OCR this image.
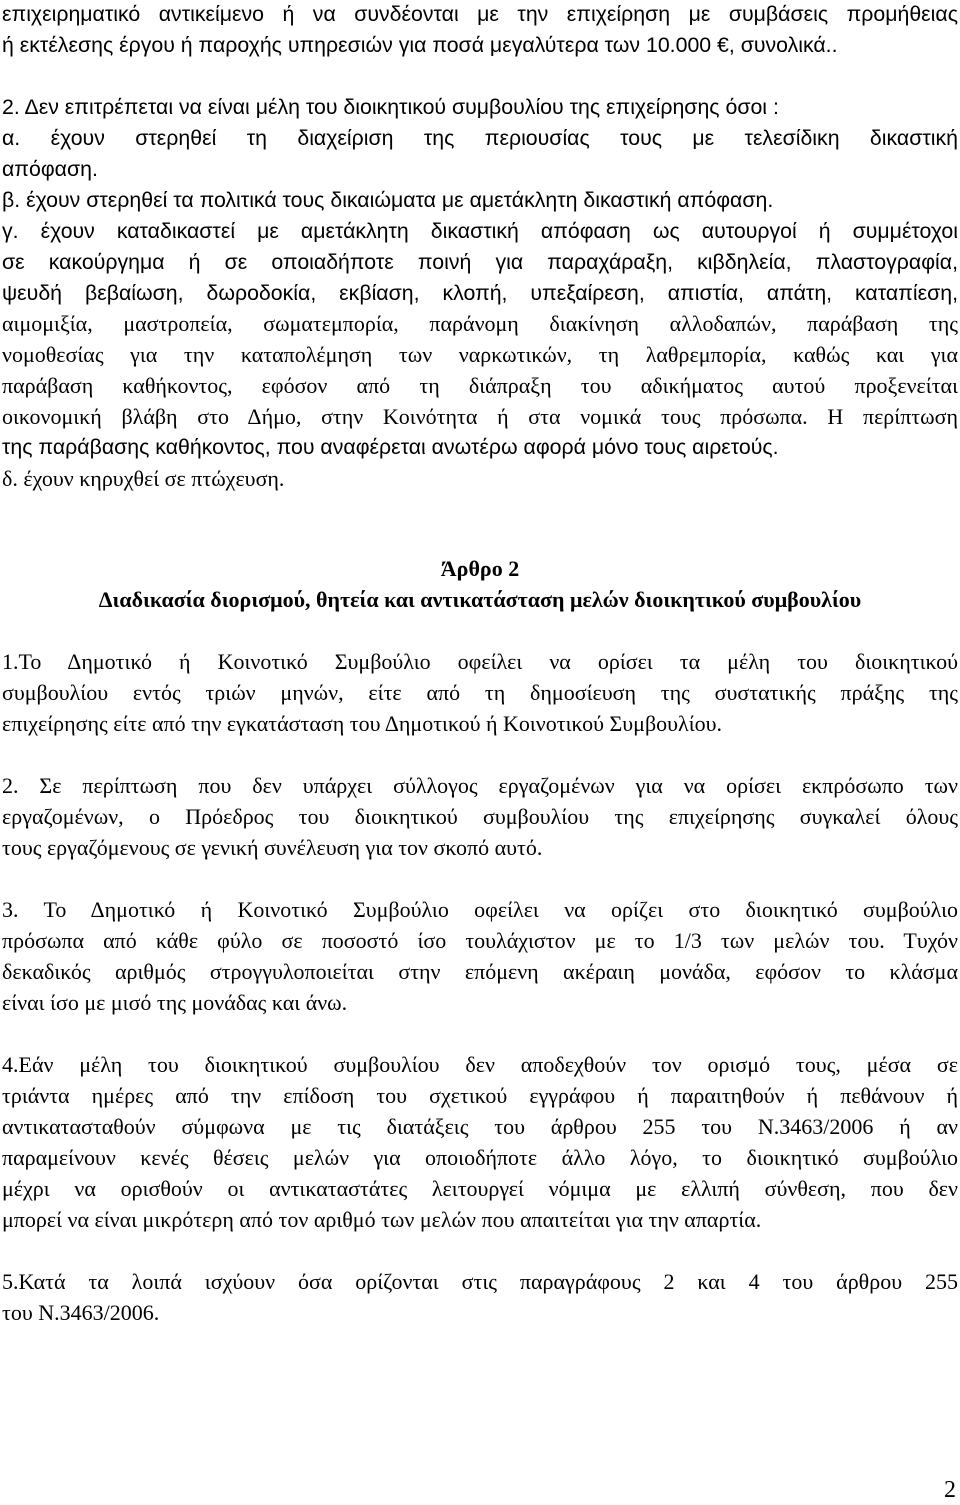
επιχειρηματικό αντικείμενο ή να συνδέονται με την επιχείρηση με συμβάσεις προμήθειας
ή εκτέλεσης έργου ή παροχής υπηρεσιών για ποσά μεγαλύτερα των 10.000 €, συνολικά..
2. Δεν επιτρέπεται να είναι μέλη του διοικητικού συμβουλίου της επιχείρησης όσοι :
α. έχουν στερηθεί τη διαχείριση της περιουσίας τους με τελεσίδικη δικαστική
απόφαση.
β. έχουν στερηθεί τα πολιτικά τους δικαιώματα με αμετάκλητη δικαστική απόφαση.
γ. έχουν καταδικαστεί με αμετάκλητη δικαστική απόφαση ως αυτουργοί ή συμμέτοχοι
σε κακούργημα ή σε οποιαδήποτε ποινή για παραχάραξη, κιβδηλεία, πλαστογραφία,
ψευδή βεβαίωση, δωροδοκία, εκβίαση, κλοπή, υπεξαίρεση, απιστία, απάτη, καταπίεση,
αιμομιξία, μαστροπεία, σωματεμπορία, παράνομη διακίνηση αλλοδαπών, παράβαση της
νομοθεσίας για την καταπολέμηση των ναρκωτικών, τη λαθρεμπορία, καθώς και για
παράβαση καθήκοντος, εφόσον από τη διάπραξη του αδικήματος αυτού προξενείται
οικονομική βλάβη στο Δήμο, στην Κοινότητα ή στα νομικά τους πρόσωπα. Η περίπτωση
της παράβασης καθήκοντος, που αναφέρεται ανωτέρω αφορά μόνο τους αιρετούς.
δ. έχουν κηρυχθεί σε πτώχευση.
Άρθρο 2
Διαδικασία διορισμού, θητεία και αντικατάσταση μελών διοικητικού συμβουλίου
1.Το Δημοτικό ή Κοινοτικό Συμβούλιο οφείλει να ορίσει τα μέλη του διοικητικού
συμβουλίου εντός τριών μηνών, είτε από τη δημοσίευση της συστατικής πράξης της
επιχείρησης είτε από την εγκατάσταση του Δημοτικού ή Κοινοτικού Συμβουλίου.
2. Σε περίπτωση που δεν υπάρχει σύλλογος εργαζομένων για να ορίσει εκπρόσωπο των
εργαζομένων, ο Πρόεδρος του διοικητικού συμβουλίου της επιχείρησης συγκαλεί όλους
τους εργαζόμενους σε γενική συνέλευση για τον σκοπό αυτό.
3. Το Δημοτικό ή Κοινοτικό Συμβούλιο οφείλει να ορίζει στο διοικητικό συμβούλιο
πρόσωπα από κάθε φύλο σε ποσοστό ίσο τουλάχιστον με το 1/3 των μελών του. Τυχόν
δεκαδικός αριθμός στρογγυλοποιείται στην επόμενη ακέραιη μονάδα, εφόσον το κλάσμα
είναι ίσο με μισό της μονάδας και άνω.
4.Εάν μέλη του διοικητικού συμβουλίου δεν αποδεχθούν τον ορισμό τους, μέσα σε
τριάντα ημέρες από την επίδοση του σχετικού εγγράφου ή παραιτηθούν ή πεθάνουν ή
αντικατασταθούν σύμφωνα με τις διατάξεις του άρθρου 255 του Ν.3463/2006 ή αν
παραμείνουν κενές θέσεις μελών για οποιοδήποτε άλλο λόγο, το διοικητικό συμβούλιο
μέχρι να ορισθούν οι αντικαταστάτες λειτουργεί νόμιμα με ελλιπή σύνθεση, που δεν
μπορεί να είναι μικρότερη από τον αριθμό των μελών που απαιτείται για την απαρτία.
5.Κατά τα λοιπά ισχύουν όσα ορίζονται στις παραγράφους 2 και 4 του άρθρου 255
του Ν.3463/2006.
2
